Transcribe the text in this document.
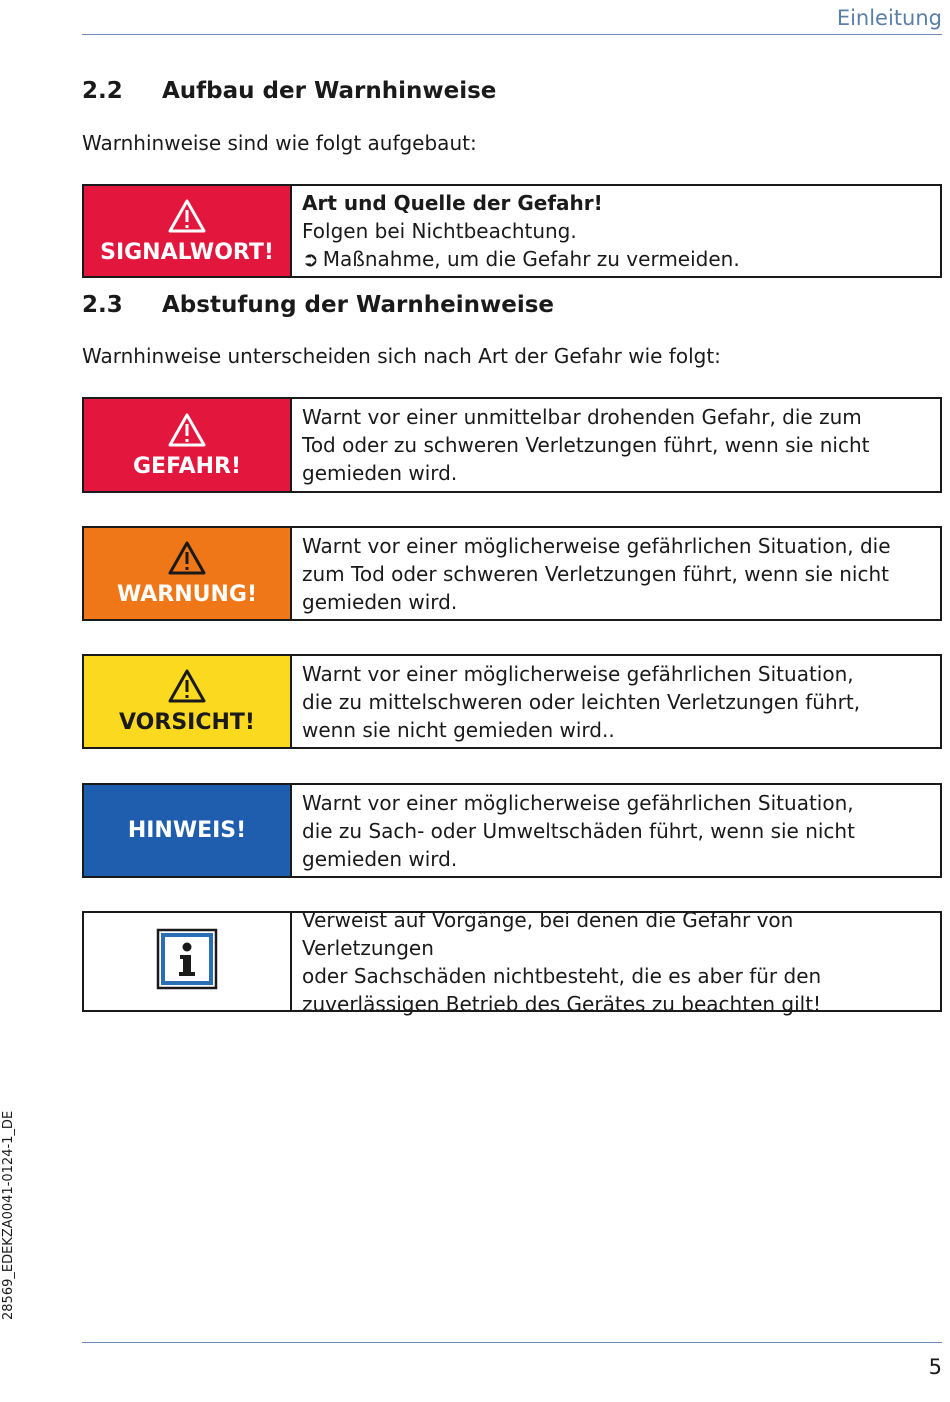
Einleitung
2.2 Aufbau der Warnhinweise
Warnhinweise sind wie folgt aufgebaut:
SIGNALWORT!
Art und Quelle der Gefahr!
Folgen bei Nichtbeachtung.
➲ Maßnahme, um die Gefahr zu vermeiden.
2.3 Abstufung der Warnheinweise
Warnhinweise unterscheiden sich nach Art der Gefahr wie folgt:
GEFAHR!
Warnt vor einer unmittelbar drohenden Gefahr, die zum
Tod oder zu schweren Verletzungen führt, wenn sie nicht
gemieden wird.
WARNUNG!
Warnt vor einer möglicherweise gefährlichen Situation, die
zum Tod oder schweren Verletzungen führt, wenn sie nicht
gemieden wird.
VORSICHT!
Warnt vor einer möglicherweise gefährlichen Situation,
die zu mittelschweren oder leichten Verletzungen führt,
wenn sie nicht gemieden wird..
HINWEIS!
Warnt vor einer möglicherweise gefährlichen Situation,
die zu Sach- oder Umweltschäden führt, wenn sie nicht
gemieden wird.
Verweist auf Vorgänge, bei denen die Gefahr von Verletzungen
oder Sachschäden nichtbesteht, die es aber für den
zuverlässigen Betrieb des Gerätes zu beachten gilt!
28569_EDEKZA0041-0124-1_DE
5
